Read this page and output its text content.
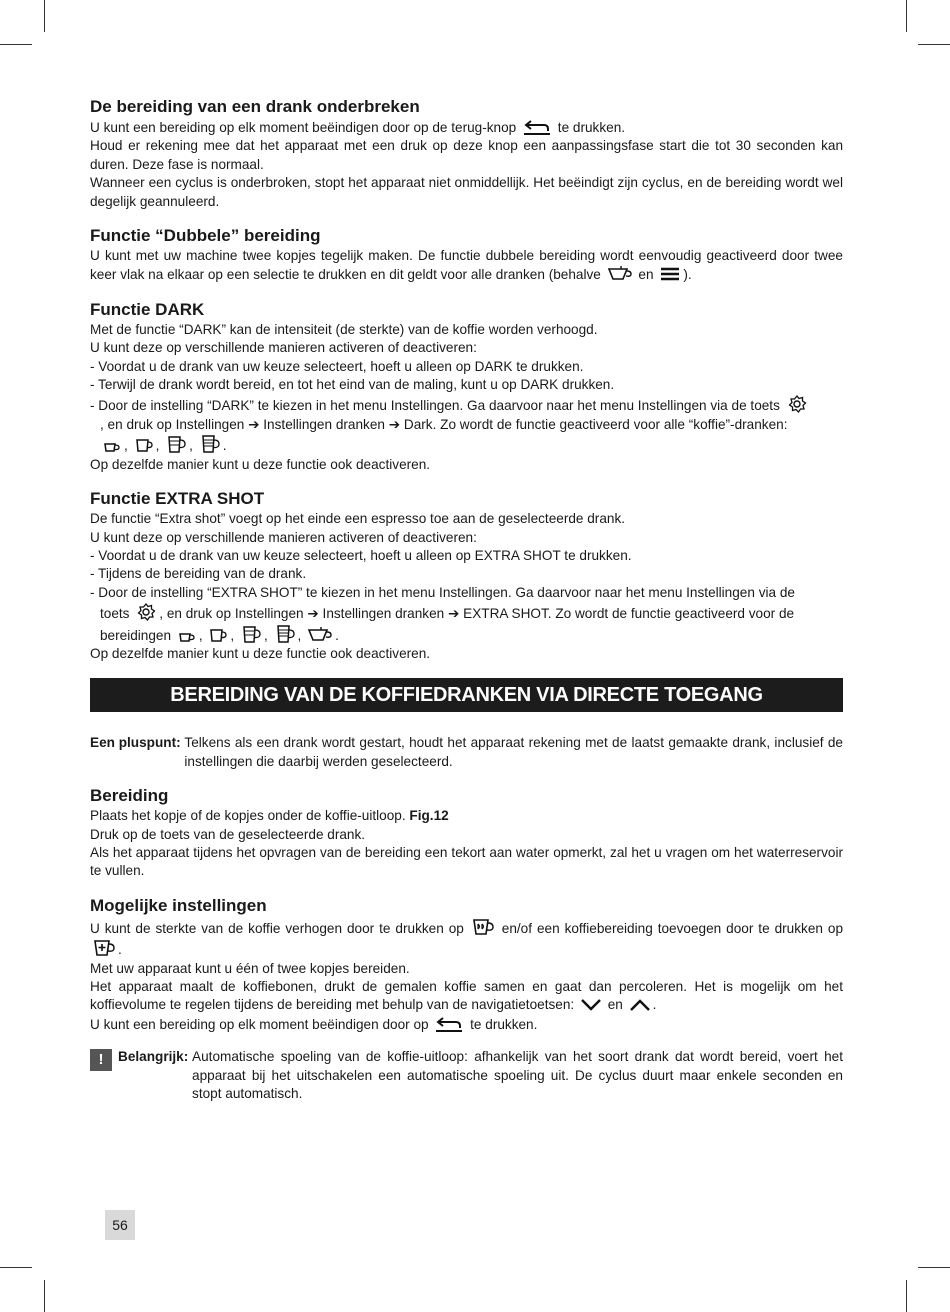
De bereiding van een drank onderbreken

U kunt een bereiding op elk moment beëindigen door op de terug-knop	te drukken.

Houd er rekening mee dat het apparaat met een druk op deze knop een aanpassingsfase start die tot 30 seconden kan duren. Deze fase is normaal.

Wanneer een cyclus is onderbroken, stopt het apparaat niet onmiddellijk. Het beëindigt zijn cyclus, en de bereiding wordt wel degelijk geannuleerd.

Functie “Dubbele” bereiding

U kunt met uw machine twee kopjes tegelijk maken. De functie dubbele bereiding wordt eenvoudig geactiveerd door twee keer vlak na elkaar op een selectie te drukken en dit geldt voor alle dranken (behalve	en ).

Functie DARK

Met de functie “DARK” kan de intensiteit (de sterkte) van de koffie worden verhoogd.

U kunt deze op verschillende manieren activeren of deactiveren:

- Voordat u de drank van uw keuze selecteert, hoeft u alleen op DARK te drukken.

- Terwijl de drank wordt bereid, en tot het eind van de maling, kunt u op DARK drukken.

- Door de instelling “DARK” te kiezen in het menu Instellingen. Ga daarvoor naar het menu Instellingen via de toets

, en druk op Instellingen ➔ Instellingen dranken ➔ Dark. Zo wordt de functie geactiveerd voor alle “koffie”-dranken:

, , , .

Op dezelfde manier kunt u deze functie ook deactiveren.

Functie EXTRA SHOT

De functie “Extra shot” voegt op het einde een espresso toe aan de geselecteerde drank.

U kunt deze op verschillende manieren activeren of deactiveren:

- Voordat u de drank van uw keuze selecteert, hoeft u alleen op EXTRA SHOT te drukken.

- Tijdens de bereiding van de drank.

- Door de instelling “EXTRA SHOT” te kiezen in het menu Instellingen. Ga daarvoor naar het menu Instellingen via de

toets , en druk op Instellingen ➔ Instellingen dranken ➔ EXTRA SHOT. Zo wordt de functie geactiveerd voor de

bereidingen , , , , .

Op dezelfde manier kunt u deze functie ook deactiveren.

BEREIDING VAN DE KOFFIEDRANKEN VIA DIRECTE TOEGANG
Een pluspunt: Telkens als een drank wordt gestart, houdt het apparaat rekening met de laatst gemaakte drank, inclusief de instellingen die daarbij werden geselecteerd.
Bereiding

Plaats het kopje of de kopjes onder de koffie-uitloop. Fig.12

Druk op de toets van de geselecteerde drank.

Als het apparaat tijdens het opvragen van de bereiding een tekort aan water opmerkt, zal het u vragen om het waterreservoir te vullen.

Mogelijke instellingen

U kunt de sterkte van de koffie verhogen door te drukken op	en/of een koffiebereiding toevoegen door te drukken op
.

Met uw apparaat kunt u één of twee kopjes bereiden.

Het apparaat maalt de koffiebonen, drukt de gemalen koffie samen en gaat dan percoleren. Het is mogelijk om het koffievolume te regelen tijdens de bereiding met behulp van de navigatietoetsen: en .

U kunt een bereiding op elk moment beëindigen door op	te drukken.

! Belangrijk: Automatische spoeling van de koffie-uitloop: afhankelijk van het soort drank dat wordt bereid, voert het apparaat bij het uitschakelen een automatische spoeling uit. De cyclus duurt maar enkele seconden en stopt automatisch.
56
